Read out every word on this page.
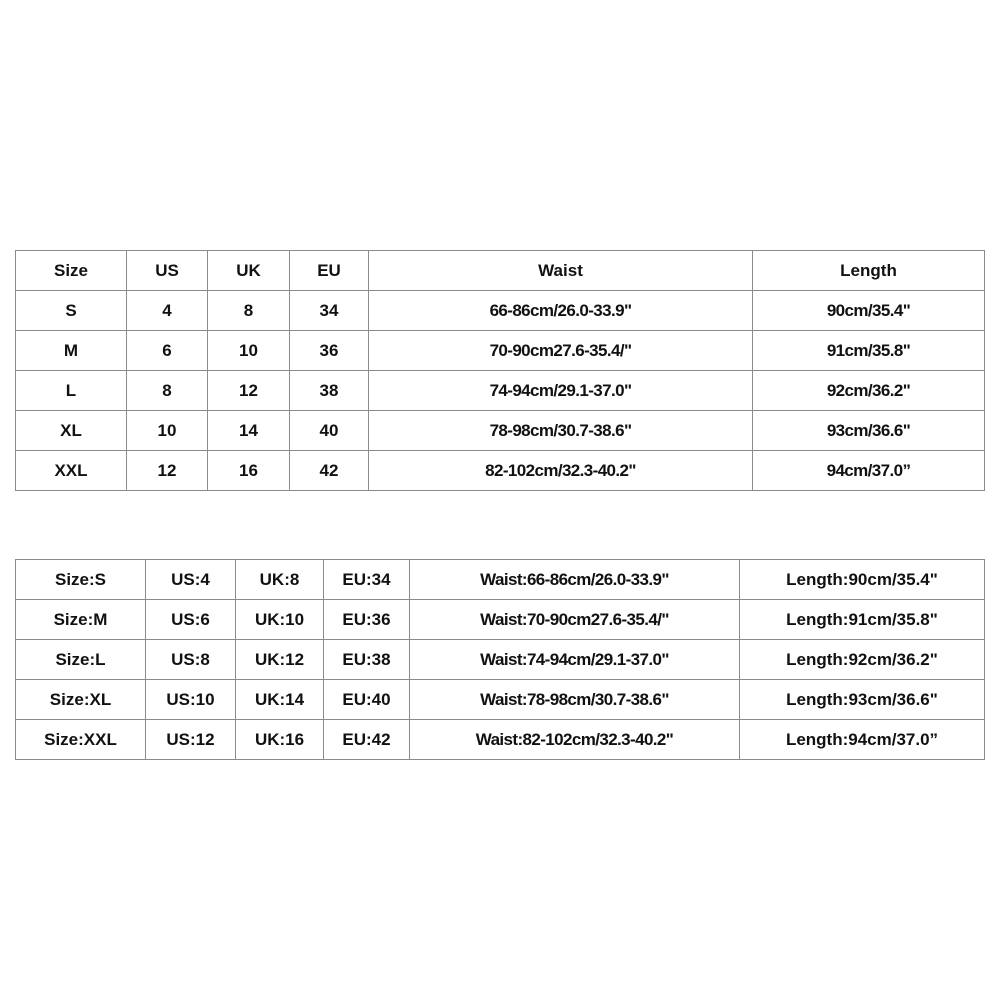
Size	US	UK	EU	Waist	Length
S	4	8	34	66-86cm/26.0-33.9"	90cm/35.4"
M	6	10	36	70-90cm27.6-35.4/"	91cm/35.8"
L	8	12	38	74-94cm/29.1-37.0"	92cm/36.2"
XL	10	14	40	78-98cm/30.7-38.6"	93cm/36.6"
XXL	12	16	42	82-102cm/32.3-40.2"	94cm/37.0”
Size:S	US:4	UK:8	EU:34	Waist:66-86cm/26.0-33.9"	Length:90cm/35.4"
Size:M	US:6	UK:10	EU:36	Waist:70-90cm27.6-35.4/"	Length:91cm/35.8"
Size:L	US:8	UK:12	EU:38	Waist:74-94cm/29.1-37.0"	Length:92cm/36.2"
Size:XL	US:10	UK:14	EU:40	Waist:78-98cm/30.7-38.6"	Length:93cm/36.6"
Size:XXL	US:12	UK:16	EU:42	Waist:82-102cm/32.3-40.2"	Length:94cm/37.0”
